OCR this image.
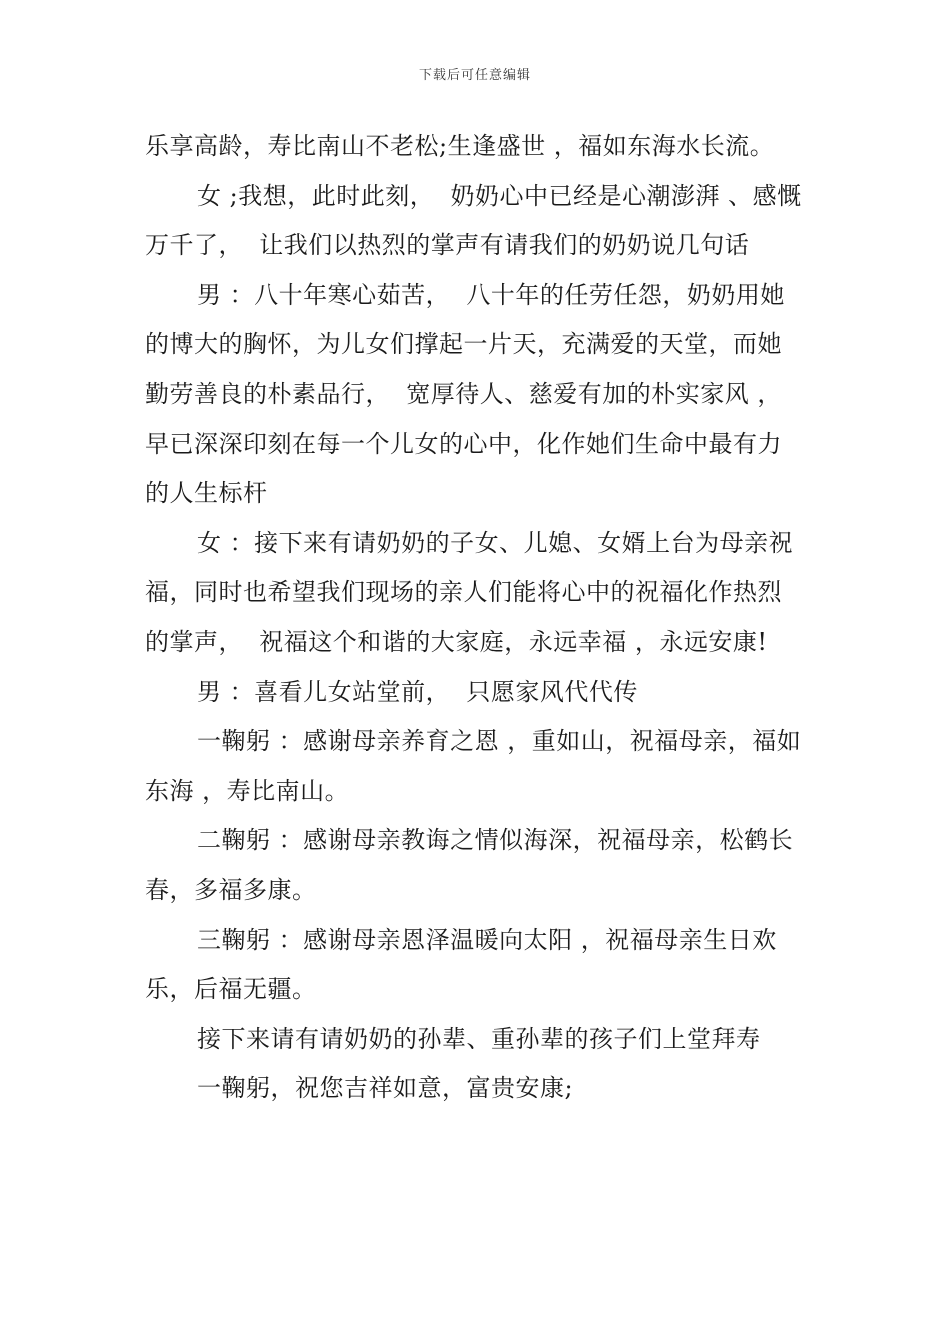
下载后可任意编辑

乐享高龄，寿比南山不老松;生逢盛世 ，福如东海水长流。

女 ;我想，此时此刻，  奶奶心中已经是心潮澎湃 、感慨万千了，  让我们以热烈的掌声有请我们的奶奶说几句话

男 ：八十年寒心茹苦，  八十年的任劳任怨，奶奶用她的博大的胸怀，为儿女们撑起一片天，充满爱的天堂，而她勤劳善良的朴素品行，  宽厚待人、慈爱有加的朴实家风 ，  早已深深印刻在每一个儿女的心中，化作她们生命中最有力的人生标杆

女 ：接下来有请奶奶的子女、儿媳、女婿上台为母亲祝福，同时也希望我们现场的亲人们能将心中的祝福化作热烈的掌声，  祝福这个和谐的大家庭，永远幸福 ，永远安康!

男 ：喜看儿女站堂前，  只愿家风代代传

一鞠躬 ：感谢母亲养育之恩 ，重如山，祝福母亲，福如东海 ，寿比南山。

二鞠躬 ：感谢母亲教诲之情似海深，祝福母亲，松鹤长春，多福多康。

三鞠躬 ：感谢母亲恩泽温暖向太阳 ，祝福母亲生日欢乐，后福无疆。

接下来请有请奶奶的孙辈、重孙辈的孩子们上堂拜寿

一鞠躬，祝您吉祥如意，富贵安康;
